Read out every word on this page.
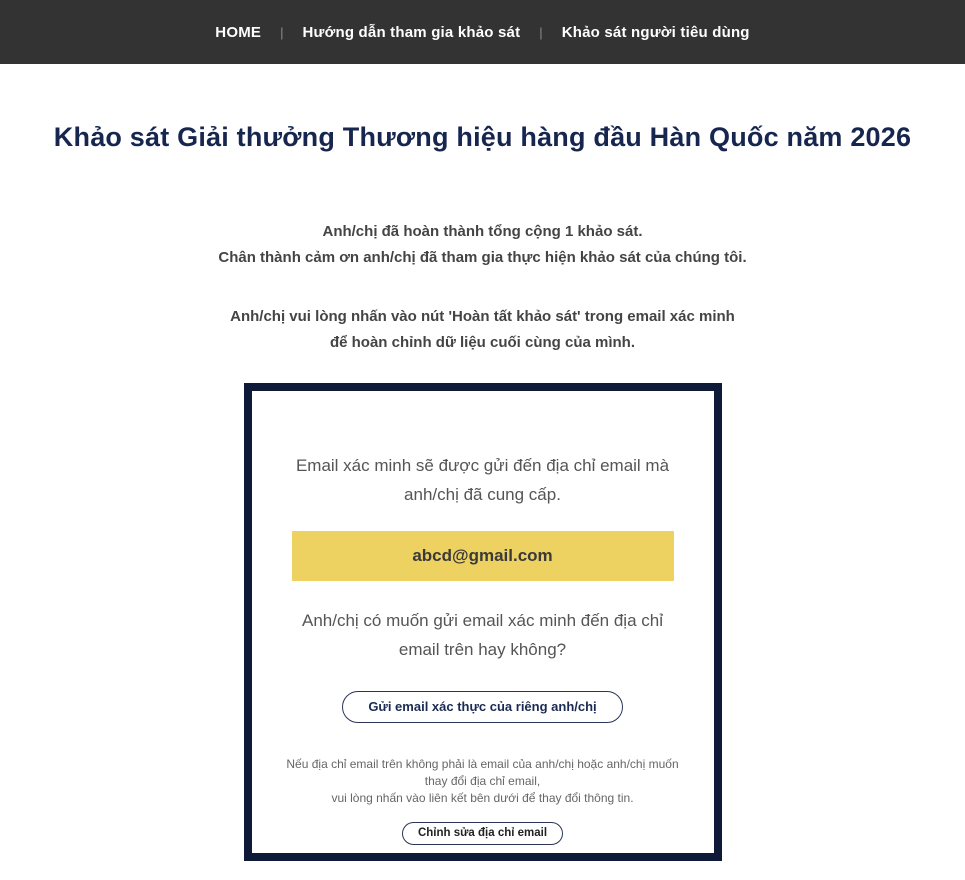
HOME | Hướng dẫn tham gia khảo sát | Khảo sát người tiêu dùng
Khảo sát Giải thưởng Thương hiệu hàng đầu Hàn Quốc năm 2026
Anh/chị đã hoàn thành tổng cộng 1 khảo sát.
Chân thành cảm ơn anh/chị đã tham gia thực hiện khảo sát của chúng tôi.
Anh/chị vui lòng nhấn vào nút 'Hoàn tất khảo sát' trong email xác minh
để hoàn chỉnh dữ liệu cuối cùng của mình.
Email xác minh sẽ được gửi đến địa chỉ email mà
anh/chị đã cung cấp.
abcd@gmail.com
Anh/chị có muốn gửi email xác minh đến địa chỉ
email trên hay không?
Gửi email xác thực của riêng anh/chị
Nếu địa chỉ email trên không phải là email của anh/chị hoặc anh/chị muốn
thay đổi địa chỉ email,
vui lòng nhấn vào liên kết bên dưới để thay đổi thông tin.
Chỉnh sửa địa chỉ email
